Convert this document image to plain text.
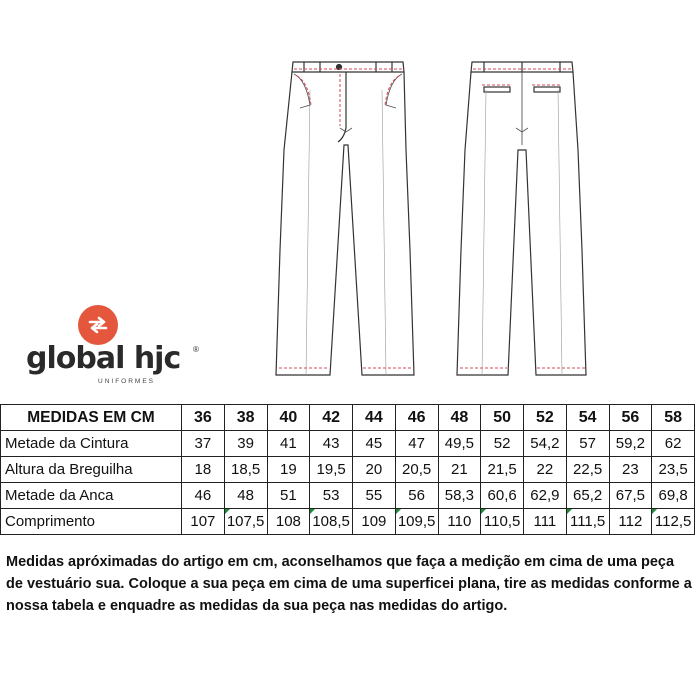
global hjc ®
UNIFORMES
MEDIDAS EM CM	36	38	40	42	44	46	48	50	52	54	56	58
Metade da Cintura	37	39	41	43	45	47	49,5	52	54,2	57	59,2	62
Altura da Breguilha	18	18,5	19	19,5	20	20,5	21	21,5	22	22,5	23	23,5
Metade da Anca	46	48	51	53	55	56	58,3	60,6	62,9	65,2	67,5	69,8
Comprimento	107	107,5	108	108,5	109	109,5	110	110,5	111	111,5	112	112,5
Medidas apróximadas do artigo em cm, aconselhamos que faça a medição em cima de uma peça de vestuário sua. Coloque a sua peça em cima de uma superficei plana, tire as medidas conforme a nossa tabela e enquadre as medidas da sua peça nas medidas do artigo.
